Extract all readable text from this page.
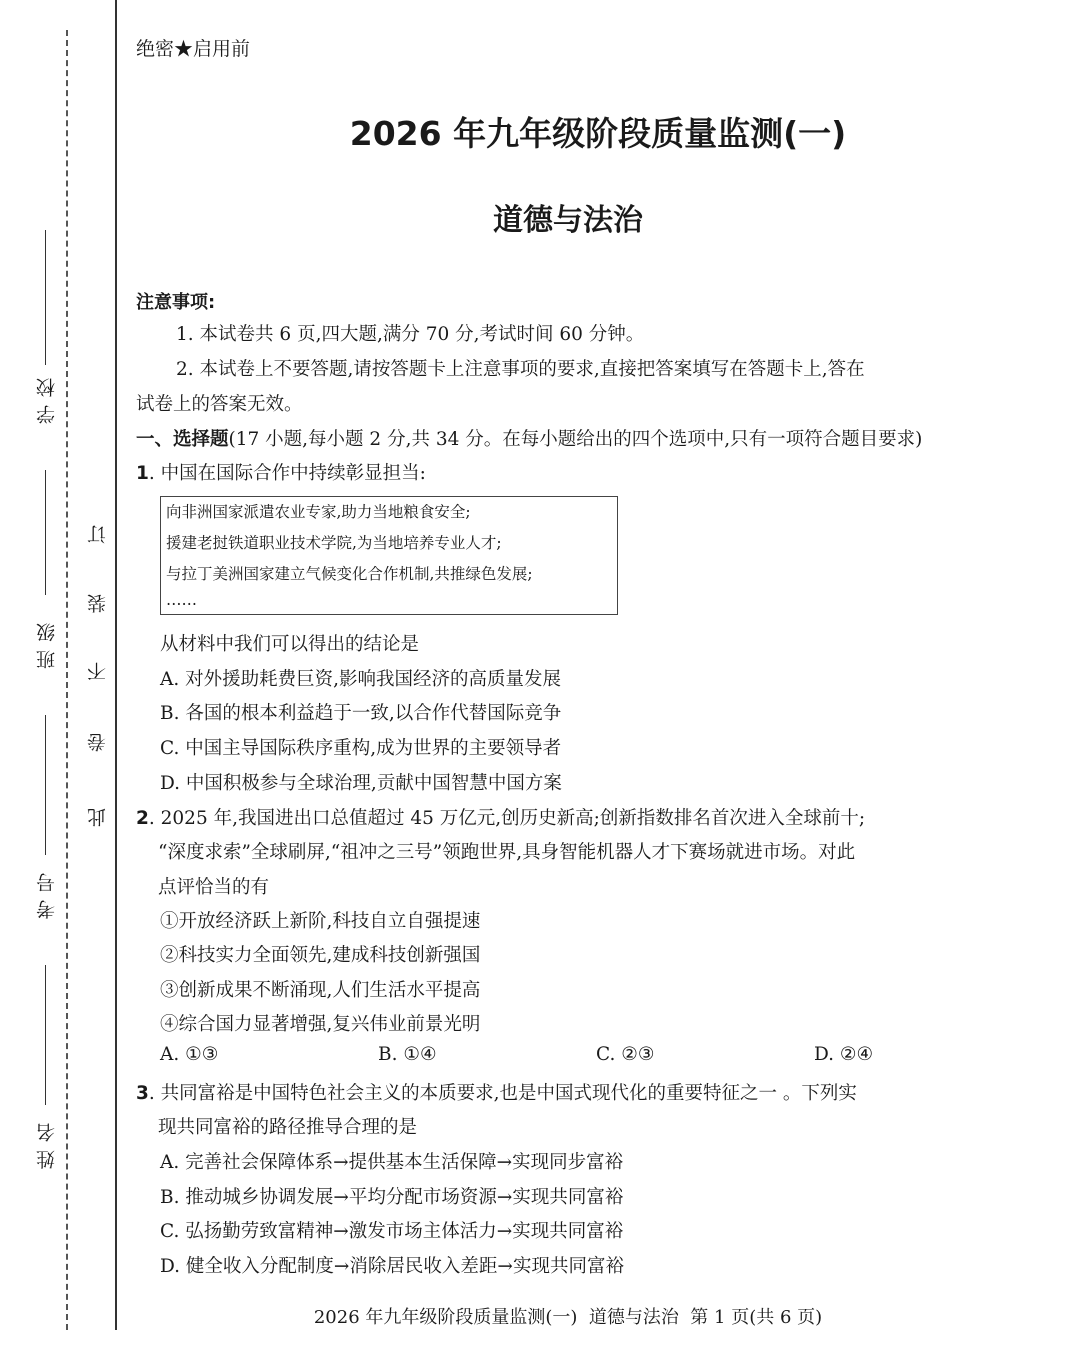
学校
班级
考号
姓名
此
卷
不
装
订
绝密★启用前
2026 年九年级阶段质量监测(一)
道德与法治
注意事项:
1. 本试卷共 6 页,四大题,满分 70 分,考试时间 60 分钟。
2. 本试卷上不要答题,请按答题卡上注意事项的要求,直接把答案填写在答题卡上,答在
试卷上的答案无效。
一、选择题(17 小题,每小题 2 分,共 34 分。在每小题给出的四个选项中,只有一项符合题目要求)
1. 中国在国际合作中持续彰显担当:
向非洲国家派遣农业专家,助力当地粮食安全;
援建老挝铁道职业技术学院,为当地培养专业人才;
与拉丁美洲国家建立气候变化合作机制,共推绿色发展;
……
从材料中我们可以得出的结论是
A. 对外援助耗费巨资,影响我国经济的高质量发展
B. 各国的根本利益趋于一致,以合作代替国际竞争
C. 中国主导国际秩序重构,成为世界的主要领导者
D. 中国积极参与全球治理,贡献中国智慧中国方案
2. 2025 年,我国进出口总值超过 45 万亿元,创历史新高;创新指数排名首次进入全球前十;
“深度求索”全球刷屏,“祖冲之三号”领跑世界,具身智能机器人才下赛场就进市场。对此
点评恰当的有
①开放经济跃上新阶,科技自立自强提速
②科技实力全面领先,建成科技创新强国
③创新成果不断涌现,人们生活水平提高
④综合国力显著增强,复兴伟业前景光明
A. ①③	B. ①④	C. ②③	D. ②④
3. 共同富裕是中国特色社会主义的本质要求,也是中国式现代化的重要特征之一 。下列实
现共同富裕的路径推导合理的是
A. 完善社会保障体系→提供基本生活保障→实现同步富裕
B. 推动城乡协调发展→平均分配市场资源→实现共同富裕
C. 弘扬勤劳致富精神→激发市场主体活力→实现共同富裕
D. 健全收入分配制度→消除居民收入差距→实现共同富裕
2026 年九年级阶段质量监测(一)  道德与法治  第 1 页(共 6 页)
